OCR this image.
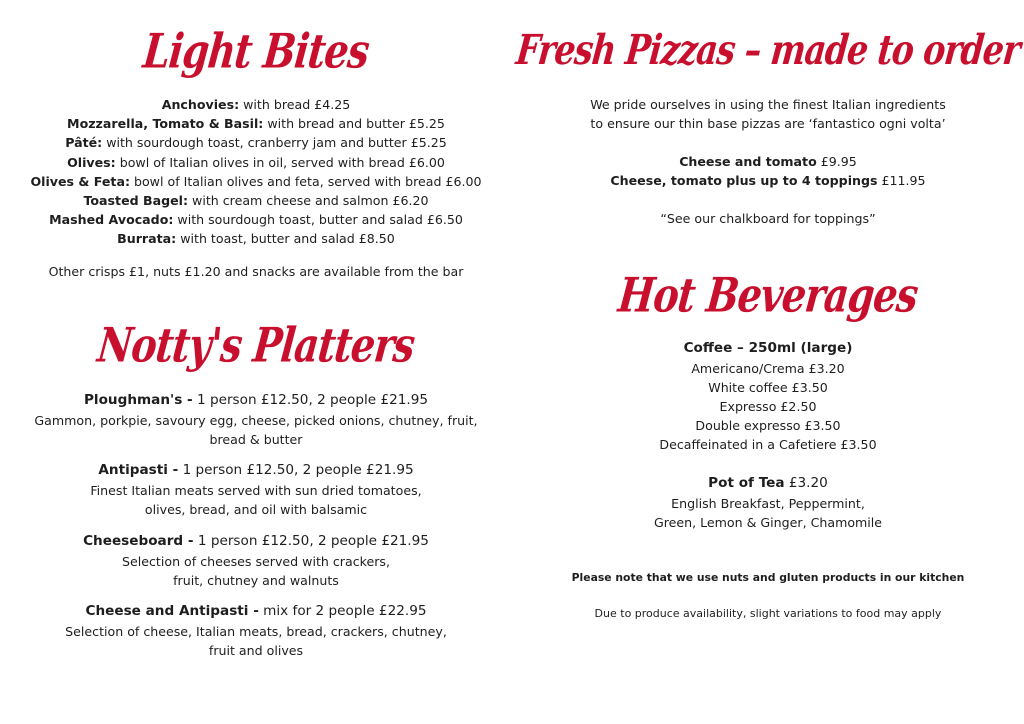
Light Bites

Anchovies: with bread £4.25

Mozzarella, Tomato & Basil: with bread and butter £5.25

Pâté: with sourdough toast, cranberry jam and butter £5.25

Olives: bowl of Italian olives in oil, served with bread £6.00

Olives & Feta: bowl of Italian olives and feta, served with bread £6.00

Toasted Bagel: with cream cheese and salmon £6.20

Mashed Avocado: with sourdough toast, butter and salad £6.50

Burrata: with toast, butter and salad £8.50

Other crisps £1, nuts £1.20 and snacks are available from the bar

Notty's Platters

Ploughman's - 1 person £12.50, 2 people £21.95

Gammon, porkpie, savoury egg, cheese, picked onions, chutney, fruit,

bread & butter

Antipasti - 1 person £12.50, 2 people £21.95

Finest Italian meats served with sun dried tomatoes,

olives, bread, and oil with balsamic

Cheeseboard - 1 person £12.50, 2 people £21.95

Selection of cheeses served with crackers,

fruit, chutney and walnuts

Cheese and Antipasti - mix for 2 people £22.95

Selection of cheese, Italian meats, bread, crackers, chutney,

fruit and olives

Fresh Pizzas – made to order

We pride ourselves in using the finest Italian ingredients

to ensure our thin base pizzas are ‘fantastico ogni volta’

Cheese and tomato £9.95

Cheese, tomato plus up to 4 toppings £11.95

“See our chalkboard for toppings”

Hot Beverages

Coffee – 250ml (large)

Americano/Crema £3.20

White coffee £3.50

Expresso £2.50

Double expresso £3.50

Decaffeinated in a Cafetiere £3.50

Pot of Tea £3.20

English Breakfast, Peppermint,

Green, Lemon & Ginger, Chamomile

Please note that we use nuts and gluten products in our kitchen

Due to produce availability, slight variations to food may apply
